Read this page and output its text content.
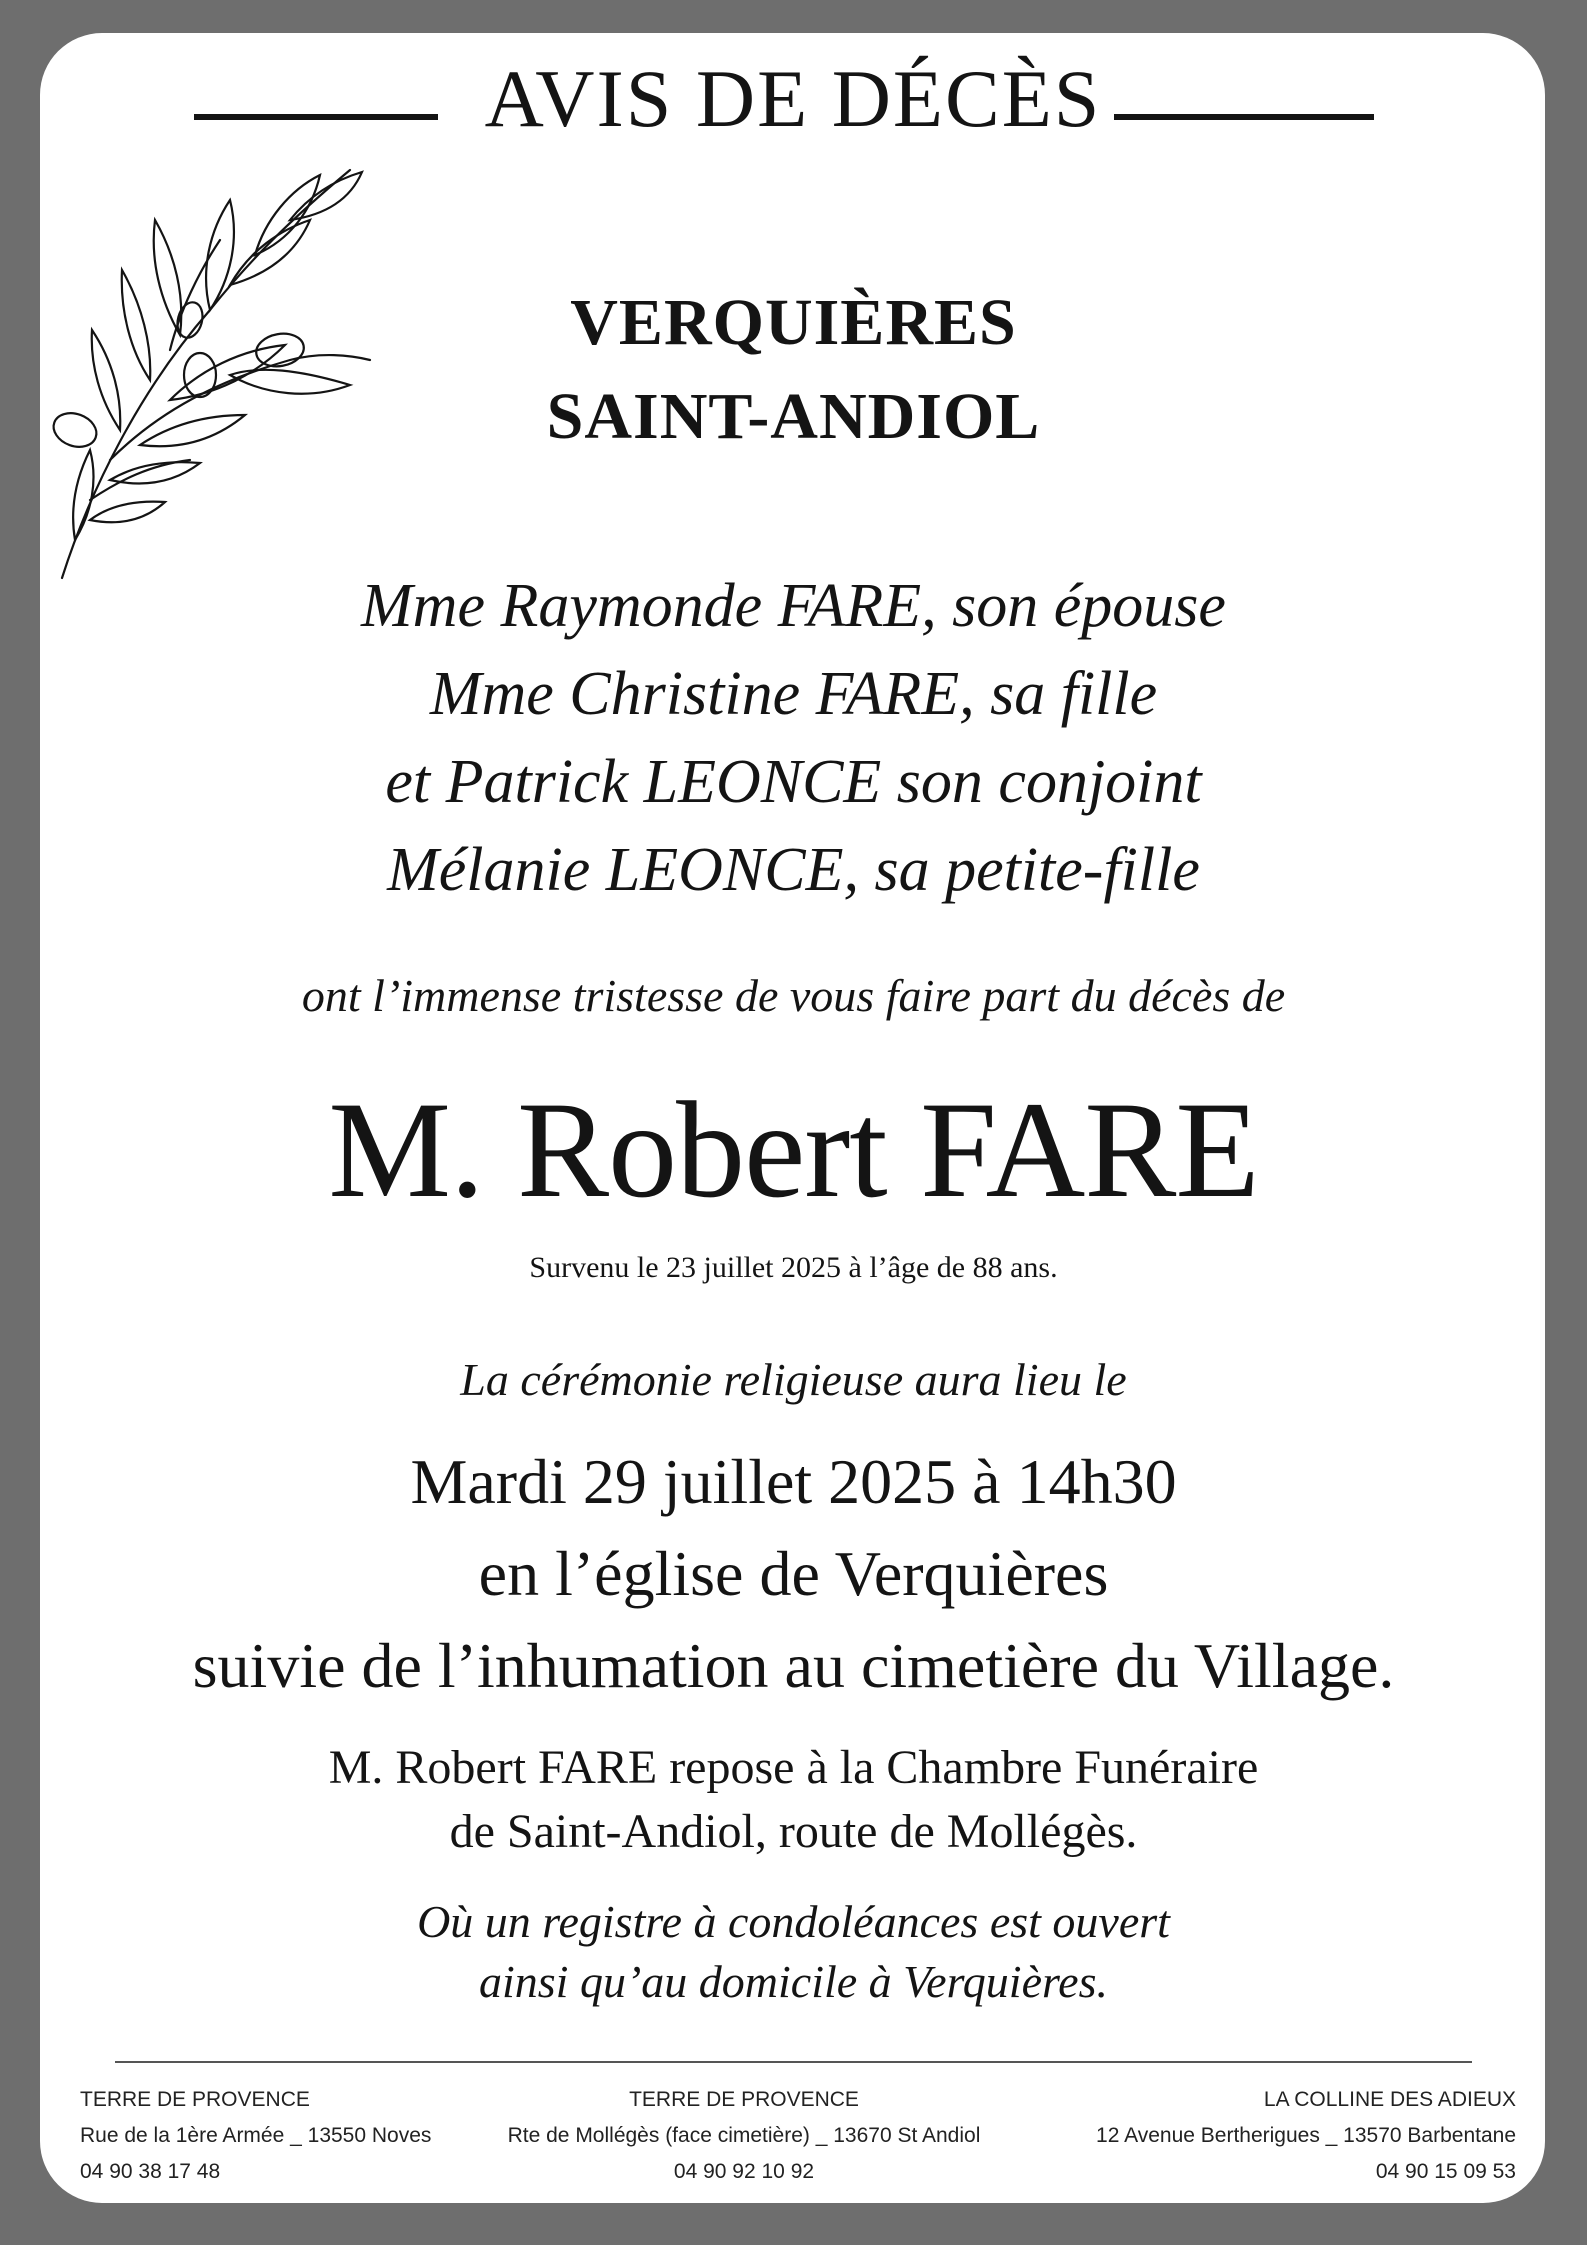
AVIS DE DÉCÈS
VERQUIÈRES
SAINT-ANDIOL
Mme Raymonde FARE, son épouse
Mme Christine FARE, sa fille
et Patrick LEONCE son conjoint
Mélanie LEONCE, sa petite-fille
ont l’immense tristesse de vous faire part du décès de
M. Robert FARE
Survenu le 23 juillet 2025 à l’âge de 88 ans.
La cérémonie religieuse aura lieu le
Mardi 29 juillet 2025 à 14h30
en l’église de Verquières
suivie de l’inhumation au cimetière du Village.
M. Robert FARE repose à la Chambre Funéraire
de Saint-Andiol, route de Mollégès.
Où un registre à condoléances est ouvert
ainsi qu’au domicile à Verquières.
TERRE DE PROVENCE
Rue de la 1ère Armée _ 13550 Noves
04 90 38 17 48
TERRE DE PROVENCE
Rte de Mollégès (face cimetière) _ 13670 St Andiol
04 90 92 10 92
LA COLLINE DES ADIEUX
12 Avenue Bertherigues _ 13570 Barbentane
04 90 15 09 53
